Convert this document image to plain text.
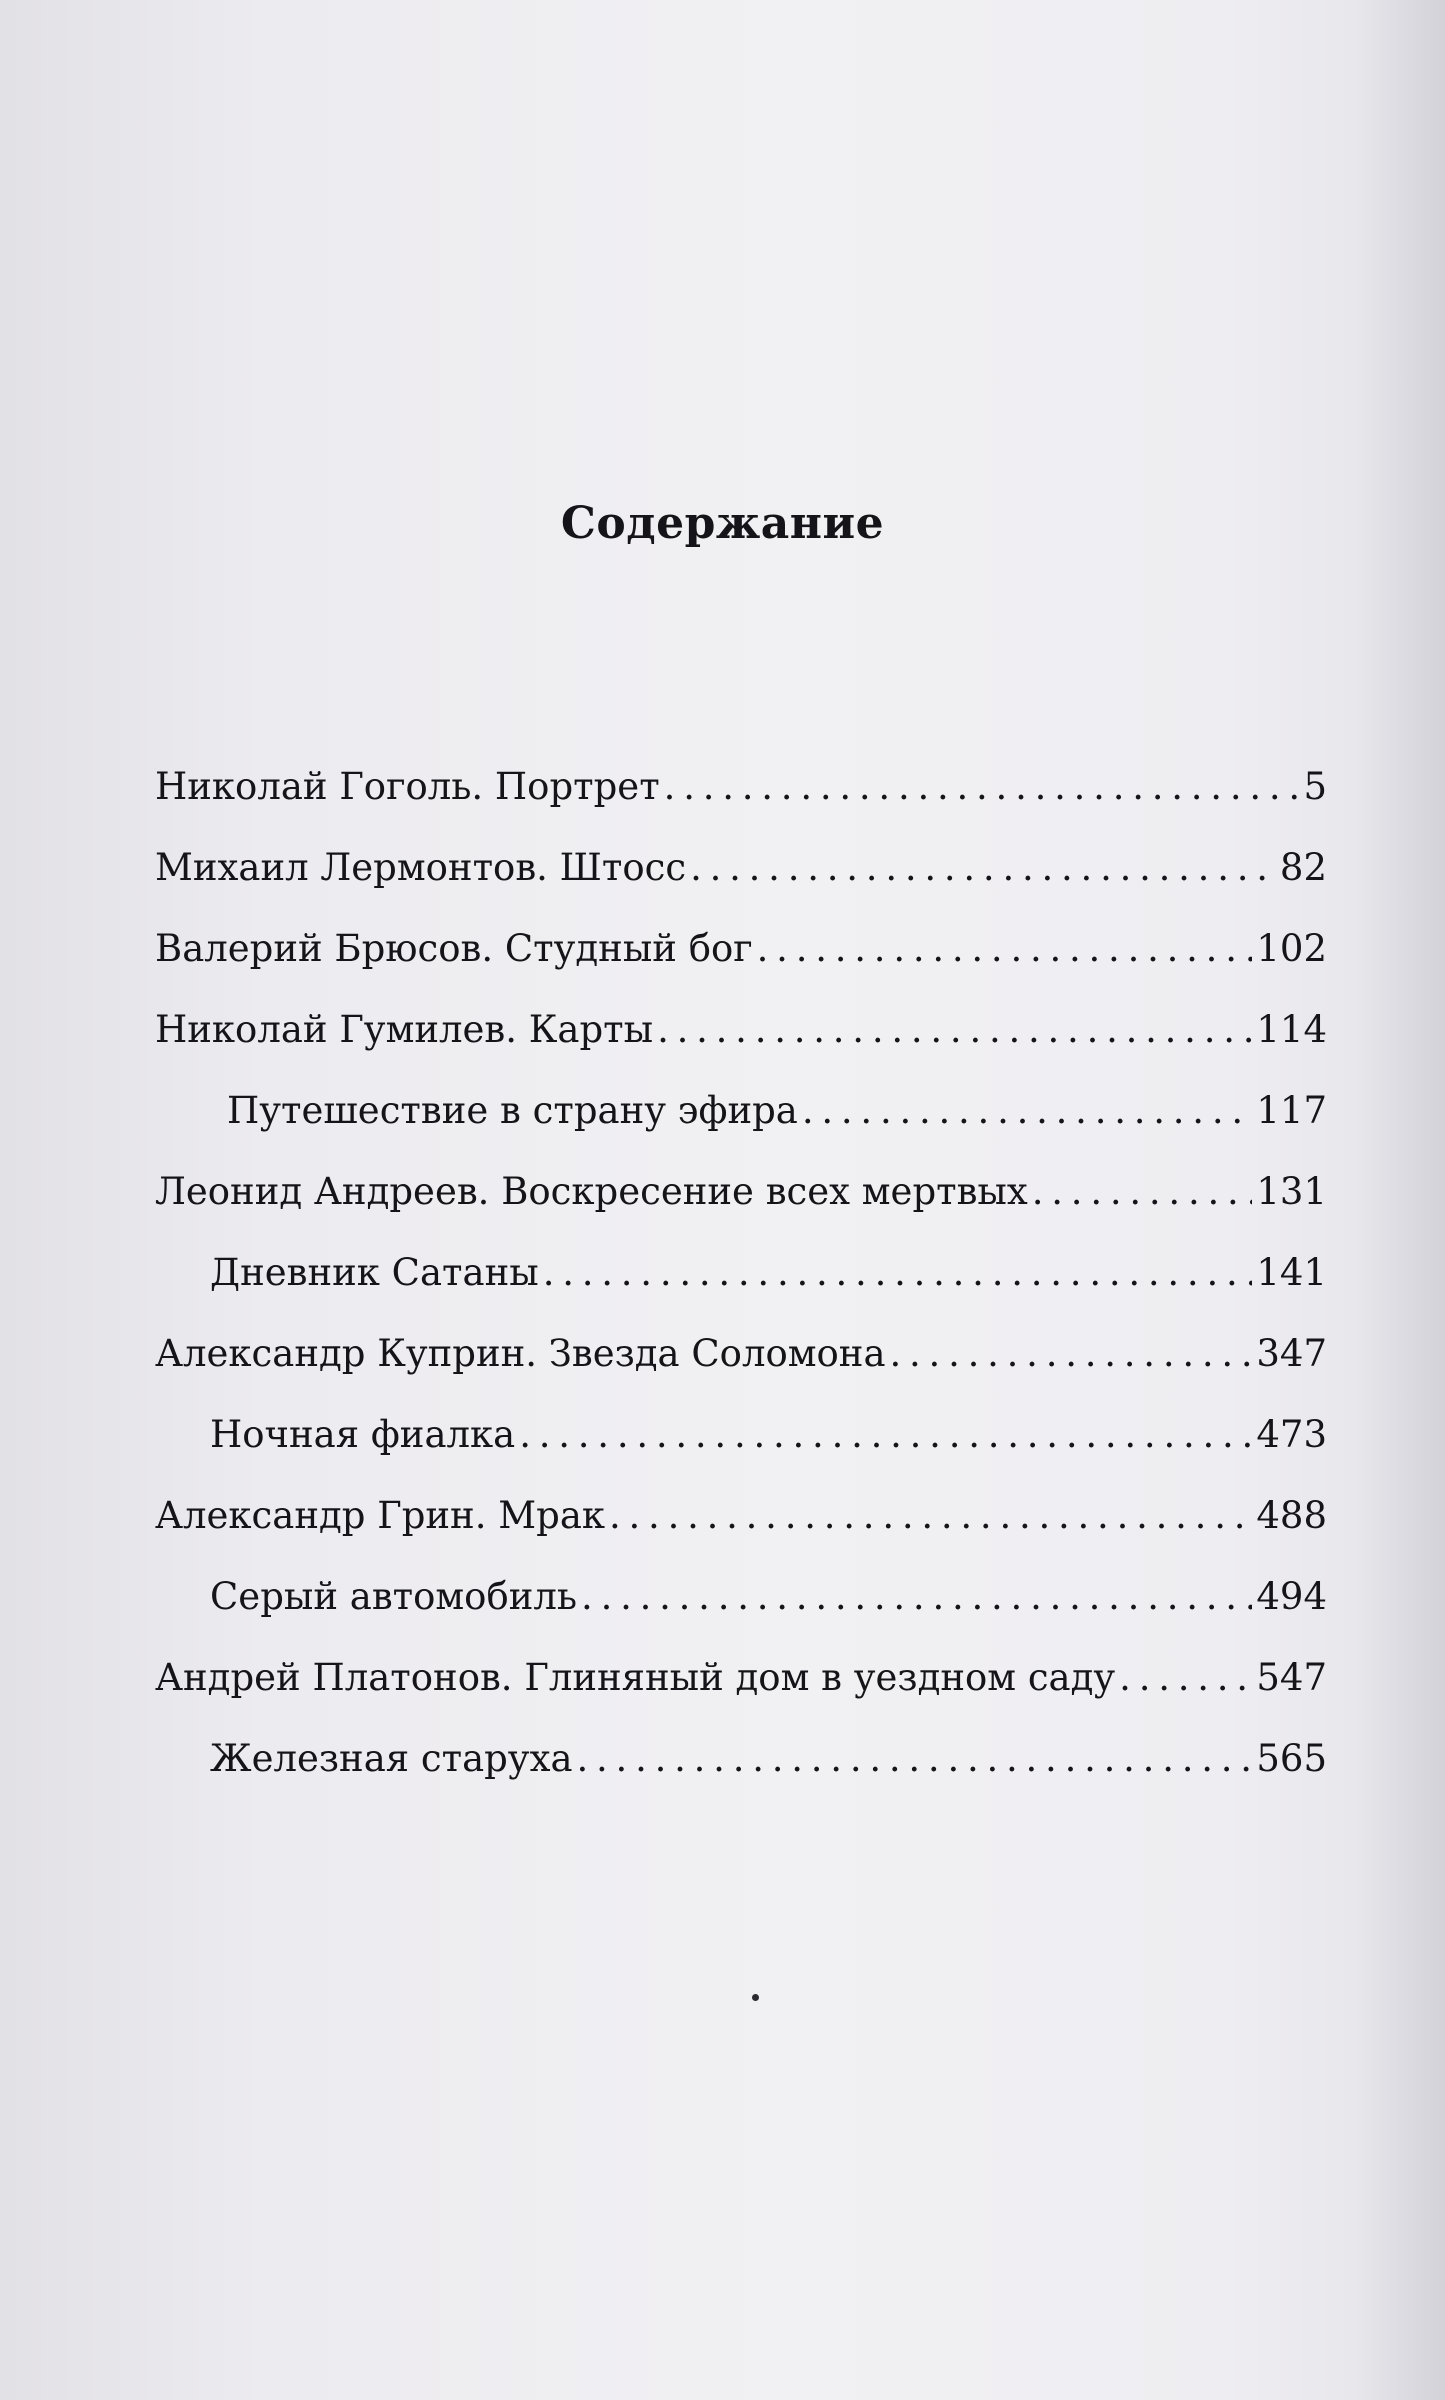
Содержание
Николай Гоголь. Портрет . . .	5
Михаил Лермонтов. Штосс . . .	82
Валерий Брюсов. Студный бог . . .	102
Николай Гумилев. Карты . . .	114
Путешествие в страну эфира . . .	117
Леонид Андреев. Воскресение всех мертвых . . .	131
Дневник Сатаны . . .	141
Александр Куприн. Звезда Соломона . . .	347
Ночная фиалка . . .	473
Александр Грин. Мрак . . .	488
Серый автомобиль . . .	494
Андрей Платонов. Глиняный дом в уездном саду . . .	547
Железная старуха . . .	565
